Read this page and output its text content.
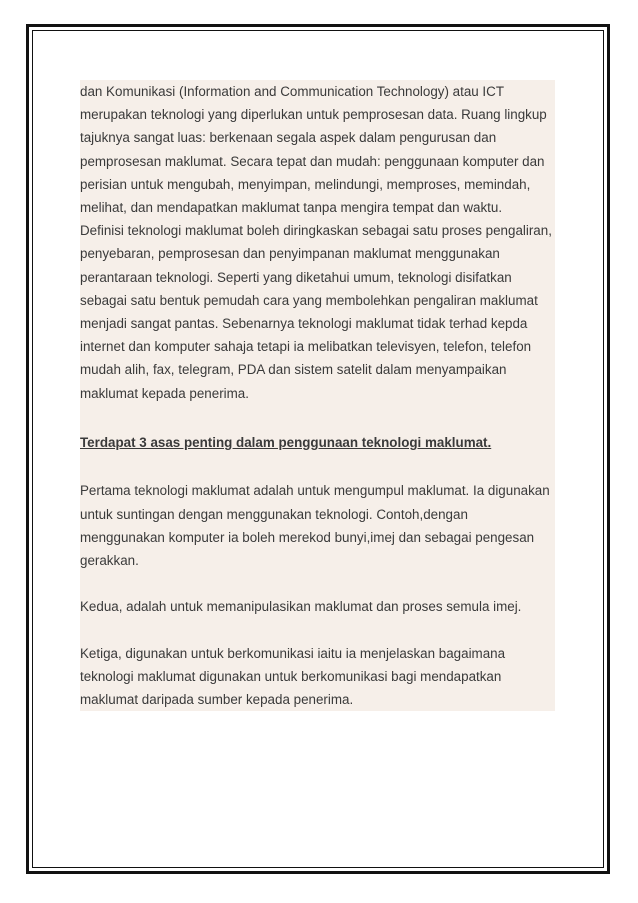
dan Komunikasi (Information and Communication Technology) atau ICT merupakan teknologi yang diperlukan untuk pemprosesan data. Ruang lingkup tajuknya sangat luas: berkenaan segala aspek dalam pengurusan dan pemprosesan maklumat. Secara tepat dan mudah: penggunaan komputer dan perisian untuk mengubah, menyimpan, melindungi, memproses, memindah, melihat, dan mendapatkan maklumat tanpa mengira tempat dan waktu.

Definisi teknologi maklumat boleh diringkaskan sebagai satu proses pengaliran, penyebaran, pemprosesan dan penyimpanan maklumat menggunakan perantaraan teknologi. Seperti yang diketahui umum, teknologi disifatkan sebagai satu bentuk pemudah cara yang membolehkan pengaliran maklumat menjadi sangat pantas. Sebenarnya teknologi maklumat tidak terhad kepda internet dan komputer sahaja tetapi ia melibatkan televisyen, telefon, telefon mudah alih, fax, telegram, PDA dan sistem satelit dalam menyampaikan maklumat kepada penerima.

Terdapat 3 asas penting dalam penggunaan teknologi maklumat.

Pertama teknologi maklumat adalah untuk mengumpul maklumat. Ia digunakan untuk suntingan dengan menggunakan teknologi. Contoh,dengan menggunakan komputer ia boleh merekod bunyi,imej dan sebagai pengesan gerakkan.

Kedua, adalah untuk memanipulasikan maklumat dan proses semula imej.

Ketiga, digunakan untuk berkomunikasi iaitu ia menjelaskan bagaimana teknologi maklumat digunakan untuk berkomunikasi bagi mendapatkan maklumat daripada sumber kepada penerima.
